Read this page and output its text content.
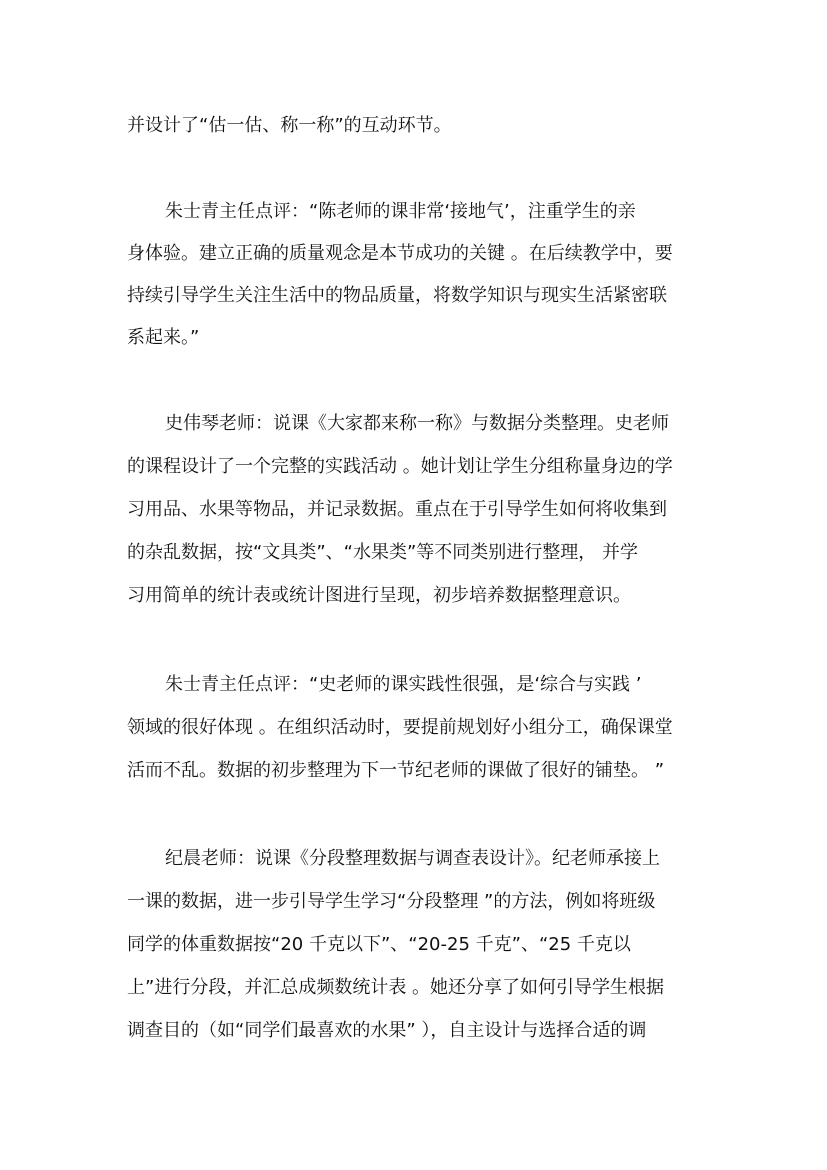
并设计了“估一估、称一称”的互动环节。
朱士青主任点评：“陈老师的课非常‘接地气’，注重学生的亲
身体验。建立正确的质量观念是本节成功的关键 。在后续教学中，要
持续引导学生关注生活中的物品质量，将数学知识与现实生活紧密联
系起来。”
史伟琴老师：说课《大家都来称一称》与数据分类整理。史老师
的课程设计了一个完整的实践活动 。她计划让学生分组称量身边的学
习用品、水果等物品，并记录数据。重点在于引导学生如何将收集到
的杂乱数据，按“文具类”、“水果类”等不同类别进行整理， 并学
习用简单的统计表或统计图进行呈现，初步培养数据整理意识。
朱士青主任点评：“史老师的课实践性很强，是‘综合与实践 ’
领域的很好体现 。在组织活动时，要提前规划好小组分工，确保课堂
活而不乱。数据的初步整理为下一节纪老师的课做了很好的铺垫。 ”
纪晨老师：说课《分段整理数据与调查表设计》。纪老师承接上
一课的数据，进一步引导学生学习“分段整理 ”的方法，例如将班级
同学的体重数据按“20 千克以下”、“20-25 千克”、“25 千克以
上”进行分段，并汇总成频数统计表 。她还分享了如何引导学生根据
调查目的（如“同学们最喜欢的水果” ），自主设计与选择合适的调
